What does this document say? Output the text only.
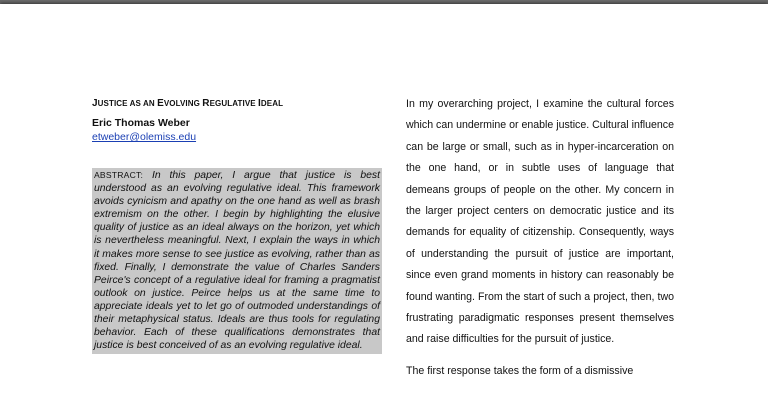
JUSTICE AS AN EVOLVING REGULATIVE IDEAL
Eric Thomas Weber
etweber@olemiss.edu
ABSTRACT: In this paper, I argue that justice is best understood as an evolving regulative ideal. This framework avoids cynicism and apathy on the one hand as well as brash extremism on the other. I begin by highlighting the elusive quality of justice as an ideal always on the horizon, yet which is nevertheless meaningful. Next, I explain the ways in which it makes more sense to see justice as evolving, rather than as fixed. Finally, I demonstrate the value of Charles Sanders Peirce's concept of a regulative ideal for framing a pragmatist outlook on justice. Peirce helps us at the same time to appreciate ideals yet to let go of outmoded understandings of their metaphysical status. Ideals are thus tools for regulating behavior. Each of these qualifications demonstrates that justice is best conceived of as an evolving regulative ideal.

In my overarching project, I examine the cultural forces which can undermine or enable justice. Cultural influence can be large or small, such as in hyper-incarceration on the one hand, or in subtle uses of language that demeans groups of people on the other. My concern in the larger project centers on democratic justice and its demands for equality of citizenship. Consequently, ways of understanding the pursuit of justice are important, since even grand moments in history can reasonably be found wanting. From the start of such a project, then, two frustrating paradigmatic responses present themselves and raise difficulties for the pursuit of justice.

The first response takes the form of a dismissive
